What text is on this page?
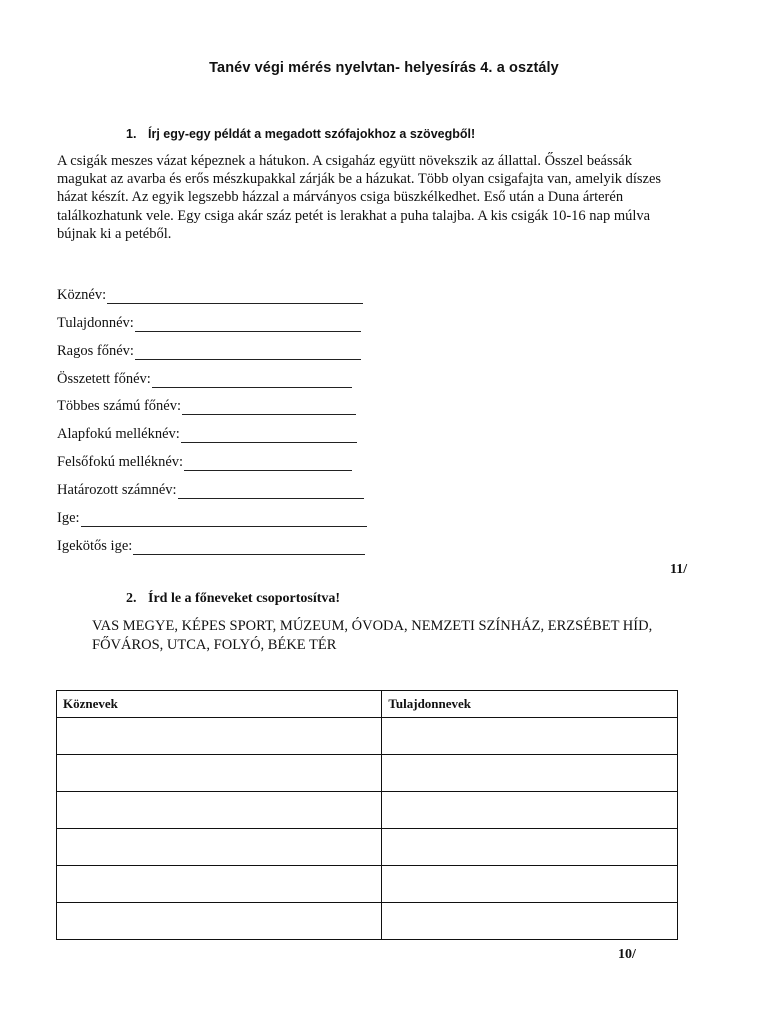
Tanév végi mérés nyelvtan- helyesírás 4. a osztály
1. Írj egy-egy példát a megadott szófajokhoz a szövegből!
A csigák meszes vázat képeznek a hátukon. A csigaház együtt növekszik az állattal. Ősszel beássák
magukat az avarba és erős mészkupakkal zárják be a házukat. Több olyan csigafajta van, amelyik díszes
házat készít. Az egyik legszebb házzal a márványos csiga büszkélkedhet. Eső után a Duna árterén
találkozhatunk vele. Egy csiga akár száz petét is lerakhat a puha talajba. A kis csigák 10-16 nap múlva
bújnak ki a petéből.
Köznév:
Tulajdonnév:
Ragos főnév:
Összetett főnév:
Többes számú főnév:
Alapfokú melléknév:
Felsőfokú melléknév:
Határozott számnév:
Ige:
Igekötős ige:
11/
2. Írd le a főneveket csoportosítva!
VAS MEGYE, KÉPES SPORT, MÚZEUM, ÓVODA, NEMZETI SZÍNHÁZ, ERZSÉBET HÍD,
FŐVÁROS, UTCA, FOLYÓ, BÉKE TÉR
Köznevek	Tulajdonnevek

10/
